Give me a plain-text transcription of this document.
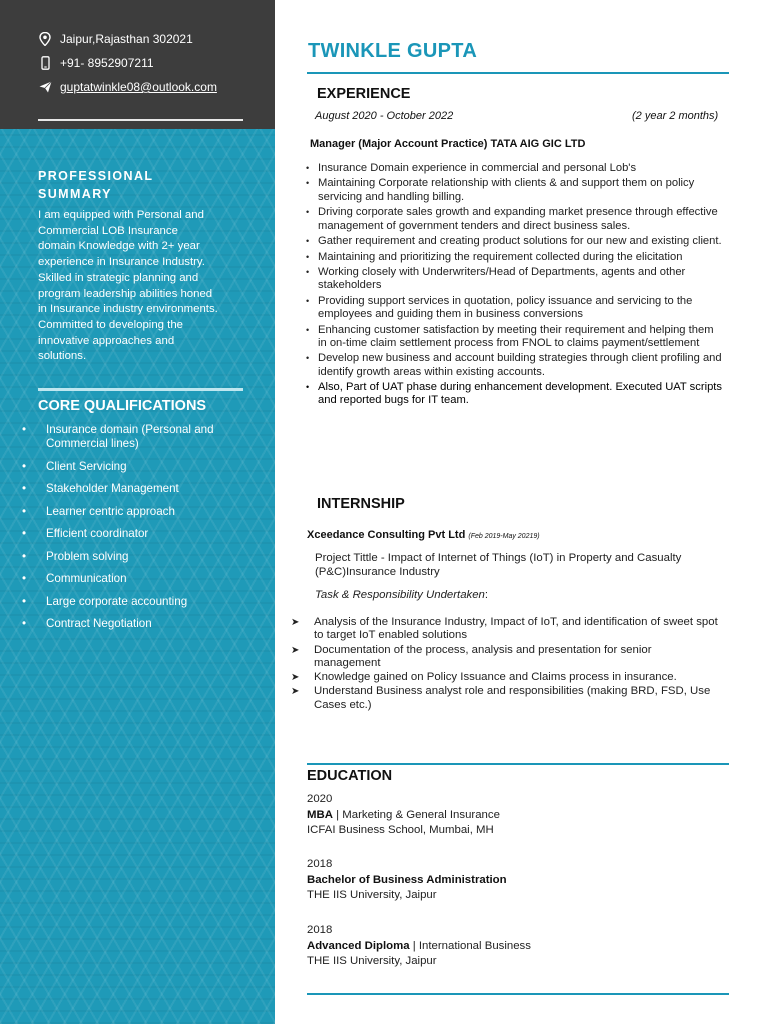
Jaipur,Rajasthan 302021
+91- 8952907211
guptatwinkle08@outlook.com
PROFESSIONAL
SUMMARY

I am equipped with Personal and

Commercial LOB Insurance

domain Knowledge with 2+ year

experience in Insurance Industry.

Skilled in strategic planning and

program leadership abilities honed

in Insurance industry environments.

Committed to developing the

innovative approaches and

solutions.

CORE QUALIFICATIONS
• Insurance domain (Personal and Commercial lines)
• Client Servicing
• Stakeholder Management
• Learner centric approach
• Efficient coordinator
• Problem solving
• Communication
• Large corporate accounting
• Contract Negotiation
TWINKLE GUPTA
EXPERIENCE
August 2020 - October 2022	(2 year 2 months)
Manager (Major Account Practice) TATA AIG GIC LTD
• Insurance Domain experience in commercial and personal Lob's
• Maintaining Corporate relationship with clients & and support them on policy servicing and handling billing.
• Driving corporate sales growth and expanding market presence through effective management of government tenders and direct business sales.
• Gather requirement and creating product solutions for our new and existing client.
• Maintaining and prioritizing the requirement collected during the elicitation
• Working closely with Underwriters/Head of Departments, agents and other stakeholders
• Providing support services in quotation, policy issuance and servicing to the employees and guiding them in business conversions
• Enhancing customer satisfaction by meeting their requirement and helping them in on-time claim settlement process from FNOL to claims payment/settlement
• Develop new business and account building strategies through client profiling and identify growth areas within existing accounts.
• Also, Part of UAT phase during enhancement development. Executed UAT scripts and reported bugs for IT team.
INTERNSHIP
Xceedance Consulting Pvt Ltd (Feb 2019-May 20219)
Project Tittle - Impact of Internet of Things (IoT) in Property and Casualty (P&C)Insurance Industry
Task & Responsibility Undertaken:
➤ Analysis of the Insurance Industry, Impact of IoT, and identification of sweet spot to target IoT enabled solutions
➤ Documentation of the process, analysis and presentation for senior management
➤ Knowledge gained on Policy Issuance and Claims process in insurance.
➤ Understand Business analyst role and responsibilities (making BRD, FSD, Use Cases etc.)
EDUCATION
2020
MBA | Marketing & General Insurance
ICFAI Business School, Mumbai, MH
2018
Bachelor of Business Administration
THE IIS University, Jaipur
2018
Advanced Diploma | International Business
THE IIS University, Jaipur
